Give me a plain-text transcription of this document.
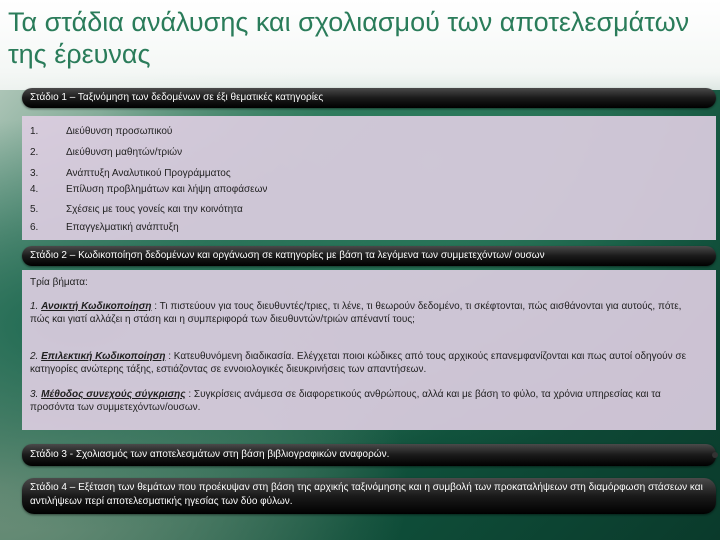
Τα στάδια ανάλυσης και σχολιασμού των αποτελεσμάτων της έρευνας
Στάδιο 1 – Ταξινόμηση των δεδομένων σε έξι θεματικές κατηγορίες
1.	Διεύθυνση προσωπικού
2.	Διεύθυνση μαθητών/τριών
3.	Ανάπτυξη Αναλυτικού Προγράμματος
4.	Επίλυση προβλημάτων και λήψη αποφάσεων
5.	Σχέσεις με τους γονείς και την κοινότητα
6.	Επαγγελματική ανάπτυξη
Στάδιο 2 – Κωδικοποίηση δεδομένων και οργάνωση σε κατηγορίες με βάση τα λεγόμενα των συμμετεχόντων/ ουσων
Τρία βήματα:
1. Ανοικτή Κωδικοποίηση : Τι πιστεύουν για τους διευθυντές/τριες, τι λένε, τι θεωρούν δεδομένο, τι σκέφτονται, πώς αισθάνονται για αυτούς, πότε, πώς και γιατί αλλάζει η στάση και η συμπεριφορά των διευθυντών/τριών απέναντί τους;
2. Επιλεκτική Κωδικοποίηση : Κατευθυνόμενη διαδικασία. Ελέγχεται ποιοι κώδικες από τους αρχικούς επανεμφανίζονται και πως αυτοί οδηγούν σε κατηγορίες ανώτερης τάξης, εστιάζοντας σε εννοιολογικές διευκρινήσεις των απαντήσεων.
3. Μέθοδος συνεχούς σύγκρισης : Συγκρίσεις ανάμεσα σε διαφορετικούς ανθρώπους, αλλά και με βάση το φύλο, τα χρόνια υπηρεσίας και τα προσόντα των συμμετεχόντων/ουσων.
Στάδιο 3 - Σχολιασμός των αποτελεσμάτων στη βάση βιβλιογραφικών αναφορών.
Στάδιο 4 – Εξέταση των θεμάτων που προέκυψαν στη βάση της αρχικής ταξινόμησης και η συμβολή των προκαταλήψεων στη διαμόρφωση στάσεων και αντιλήψεων περί αποτελεσματικής ηγεσίας των δύο φύλων.
